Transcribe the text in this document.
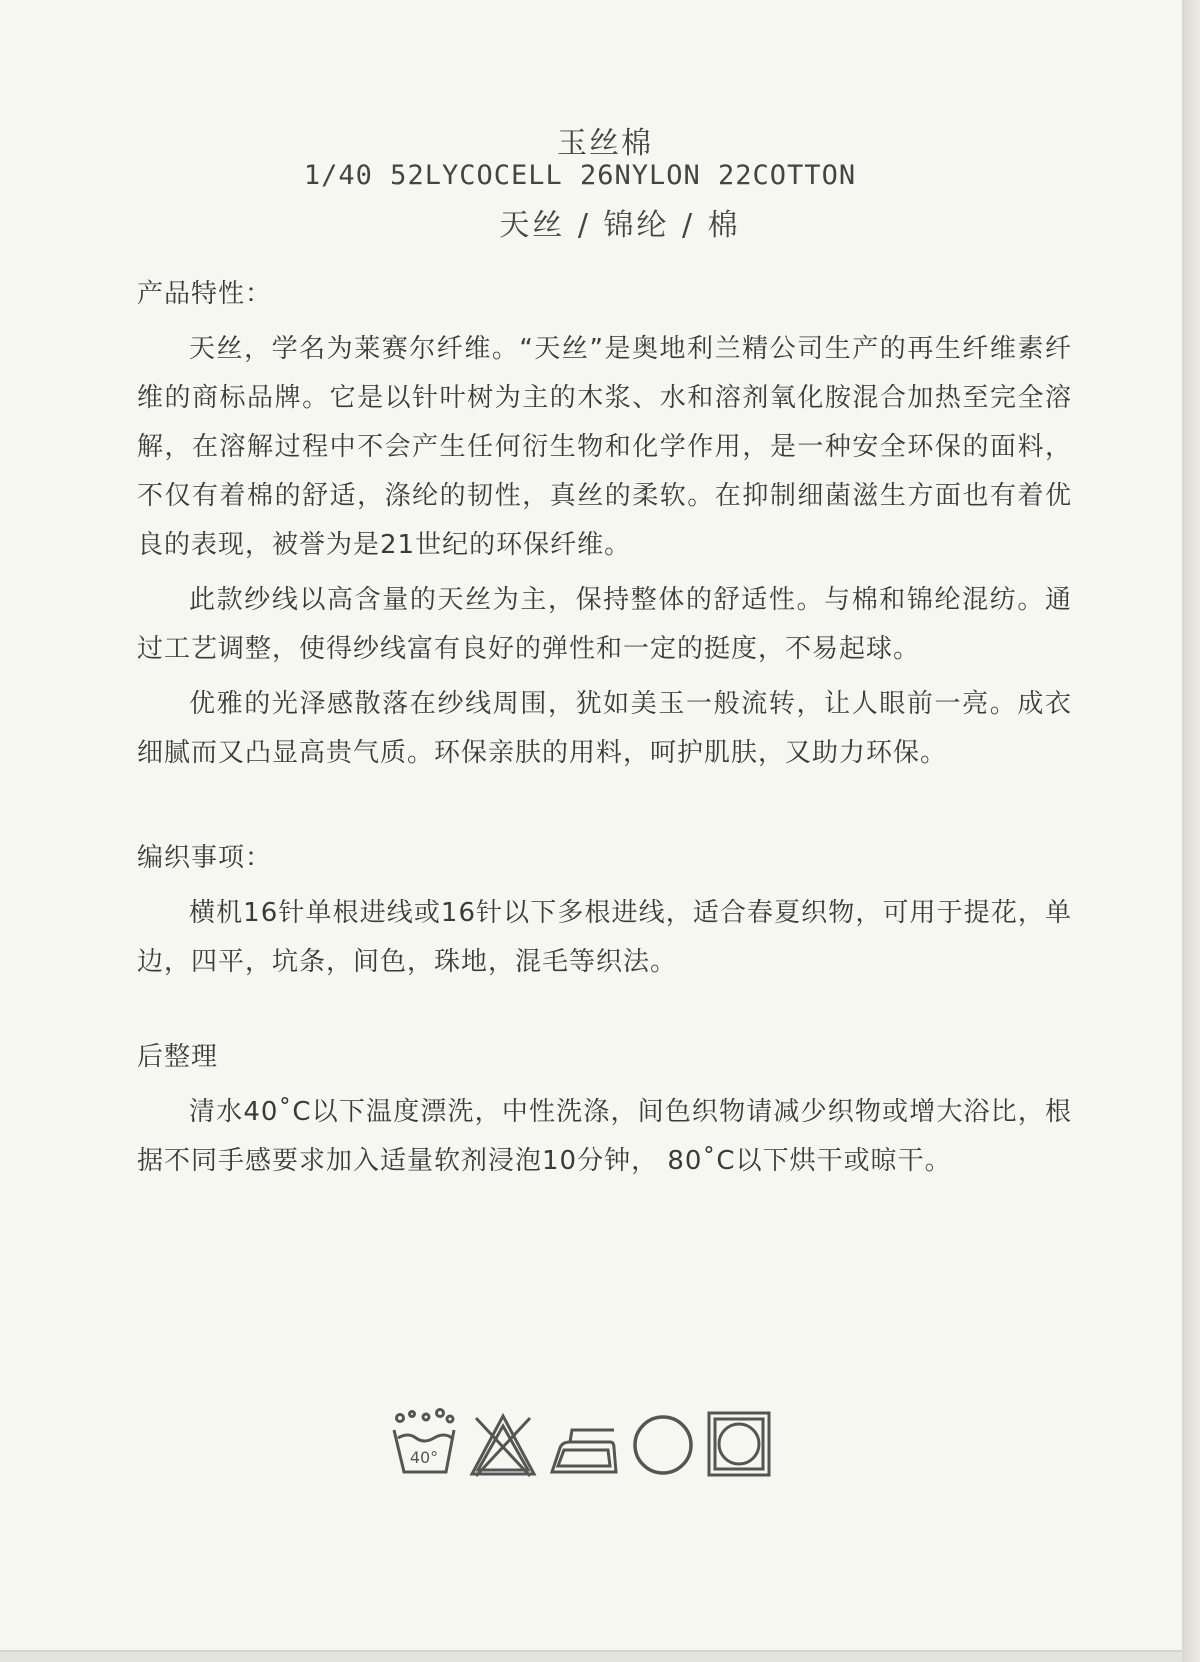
玉丝棉
1/40 52LYCOCELL 26NYLON 22COTTON
天丝 / 锦纶 / 棉

产品特性：

天丝，学名为莱赛尔纤维。“天丝”是奥地利兰精公司生产的再生纤维素纤维的商标品牌。它是以针叶树为主的木浆、水和溶剂氧化胺混合加热至完全溶解，在溶解过程中不会产生任何衍生物和化学作用，是一种安全环保的面料，不仅有着棉的舒适，涤纶的韧性，真丝的柔软。在抑制细菌滋生方面也有着优良的表现，被誉为是21世纪的环保纤维。

此款纱线以高含量的天丝为主，保持整体的舒适性。与棉和锦纶混纺。通过工艺调整，使得纱线富有良好的弹性和一定的挺度，不易起球。

优雅的光泽感散落在纱线周围，犹如美玉一般流转，让人眼前一亮。成衣细腻而又凸显高贵气质。环保亲肤的用料，呵护肌肤，又助力环保。

编织事项：

横机16针单根进线或16针以下多根进线，适合春夏织物，可用于提花，单边，四平，坑条，间色，珠地，混毛等织法。

后整理

清水40˚C以下温度漂洗，中性洗涤，间色织物请减少织物或增大浴比，根据不同手感要求加入适量软剂浸泡10分钟， 80˚C以下烘干或晾干。

40°
